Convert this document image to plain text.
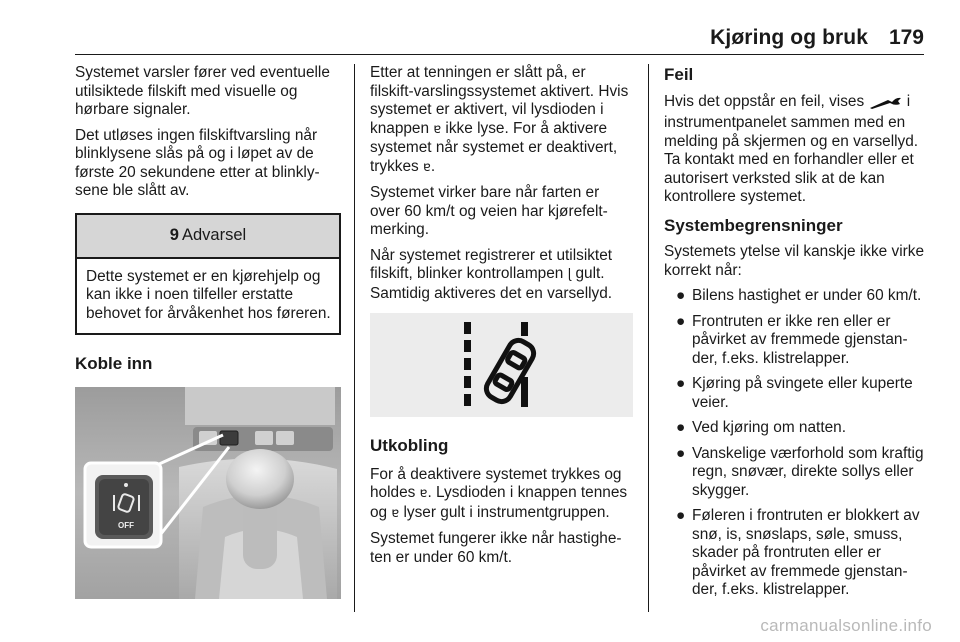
Kjøring og bruk 179

Systemet varsler fører ved eventuelle utilsiktede filskift med visuelle og hørbare signaler.

Det utløses ingen filskiftvarsling når blinklysene slås på og i løpet av de første 20 sekundene etter at blinklysene ble slått av.

9 Advarsel
Dette systemet er en kjørehjelp og kan ikke i noen tilfeller erstatte behovet for årvåkenhet hos føreren.
Koble inn
OFF

Etter at tenningen er slått på, er filskift-varslingssystemet aktivert. Hvis systemet er aktivert, vil lysdioden i knappen ɐ ikke lyse. For å aktivere systemet når systemet er deaktivert, trykkes ɐ.

Systemet virker bare når farten er over 60 km/t og veien har kjørefeltmerking.

Når systemet registrerer et utilsiktet filskift, blinker kontrollampen ɭ gult. Samtidig aktiveres det en varsellyd.

Utkobling

For å deaktivere systemet trykkes og holdes ɐ. Lysdioden i knappen tennes og ɐ lyser gult i instrumentgruppen.

Systemet fungerer ikke når hastigheten er under 60 km/t.

Feil

Hvis det oppstår en feil, vises  i instrumentpanelet sammen med en melding på skjermen og en varsellyd. Ta kontakt med en forhandler eller et autorisert verksted slik at de kan kontrollere systemet.

Systembegrensninger

Systemets ytelse vil kanskje ikke virke korrekt når:

● Bilens hastighet er under 60 km/t.
● Frontruten er ikke ren eller er påvirket av fremmede gjenstander, f.eks. klistrelapper.
● Kjøring på svingete eller kuperte veier.
● Ved kjøring om natten.
● Vanskelige værforhold som kraftig regn, snøvær, direkte sollys eller skygger.
● Føleren i frontruten er blokkert av snø, is, snøslaps, søle, smuss, skader på frontruten eller er påvirket av fremmede gjenstander, f.eks. klistrelapper.
carmanualsonline.info
